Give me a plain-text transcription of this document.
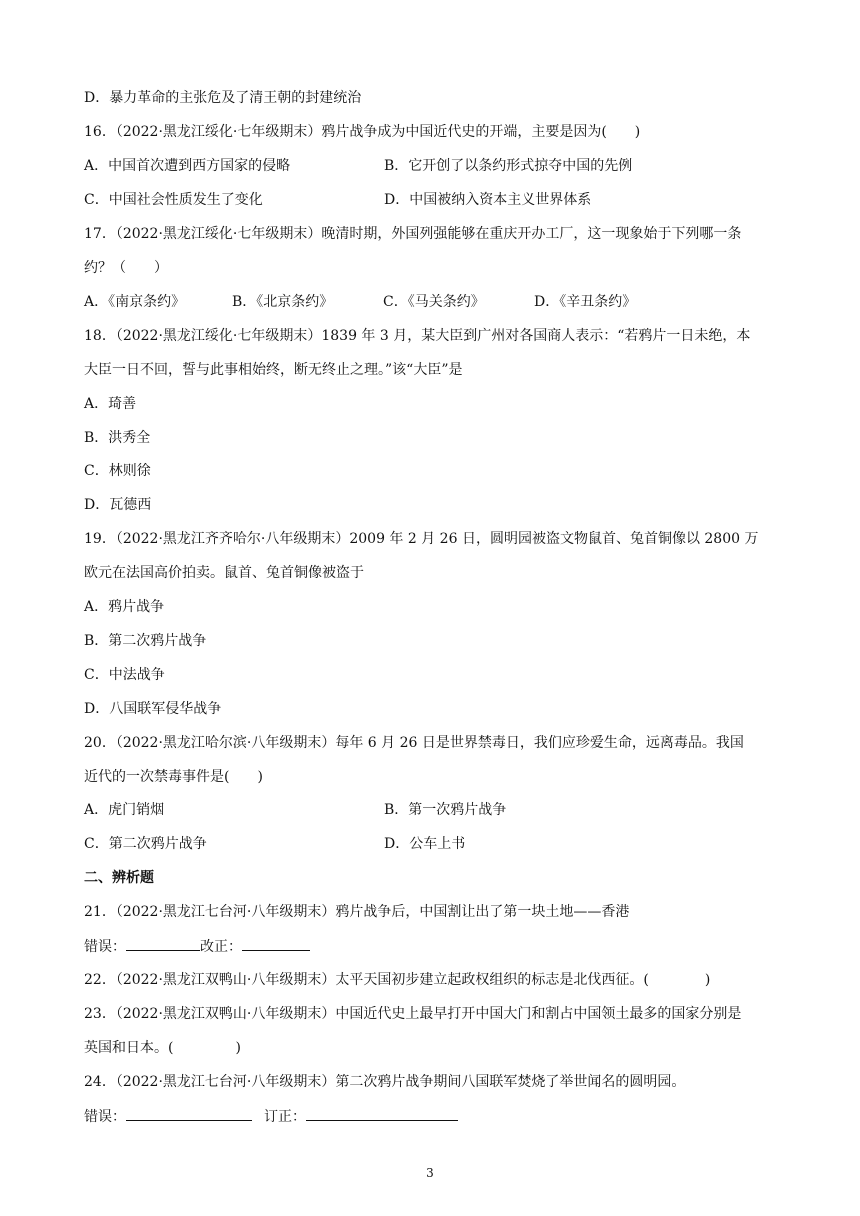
D．暴力革命的主张危及了清王朝的封建统治
16．（2022·黑龙江绥化·七年级期末）鸦片战争成为中国近代史的开端，主要是因为(　　)
A．中国首次遭到西方国家的侵略	B．它开创了以条约形式掠夺中国的先例
C．中国社会性质发生了变化	D．中国被纳入资本主义世界体系
17．（2022·黑龙江绥化·七年级期末）晚清时期，外国列强能够在重庆开办工厂，这一现象始于下列哪一条
约？（　　）
A．《南京条约》	B．《北京条约》	C．《马关条约》	D．《辛丑条约》
18．（2022·黑龙江绥化·七年级期末）1839 年 3 月，某大臣到广州对各国商人表示：“若鸦片一日未绝，本
大臣一日不回，誓与此事相始终，断无终止之理。”该“大臣”是
A．琦善
B．洪秀全
C．林则徐
D．瓦德西
19．（2022·黑龙江齐齐哈尔·八年级期末）2009 年 2 月 26 日，圆明园被盗文物鼠首、兔首铜像以 2800 万
欧元在法国高价拍卖。鼠首、兔首铜像被盗于
A．鸦片战争
B．第二次鸦片战争
C．中法战争
D．八国联军侵华战争
20．（2022·黑龙江哈尔滨·八年级期末）每年 6 月 26 日是世界禁毒日，我们应珍爱生命，远离毒品。我国
近代的一次禁毒事件是(　　)
A．虎门销烟	B．第一次鸦片战争
C．第二次鸦片战争	D．公车上书
二、辨析题
21．（2022·黑龙江七台河·八年级期末）鸦片战争后，中国割让出了第一块土地——香港
错误：	改正：
22．（2022·黑龙江双鸭山·八年级期末）太平天国初步建立起政权组织的标志是北伐西征。(	)
23．（2022·黑龙江双鸭山·八年级期末）中国近代史上最早打开中国大门和割占中国领土最多的国家分别是
英国和日本。(	)
24．（2022·黑龙江七台河·八年级期末）第二次鸦片战争期间八国联军焚烧了举世闻名的圆明园。
错误：	订正：
3
